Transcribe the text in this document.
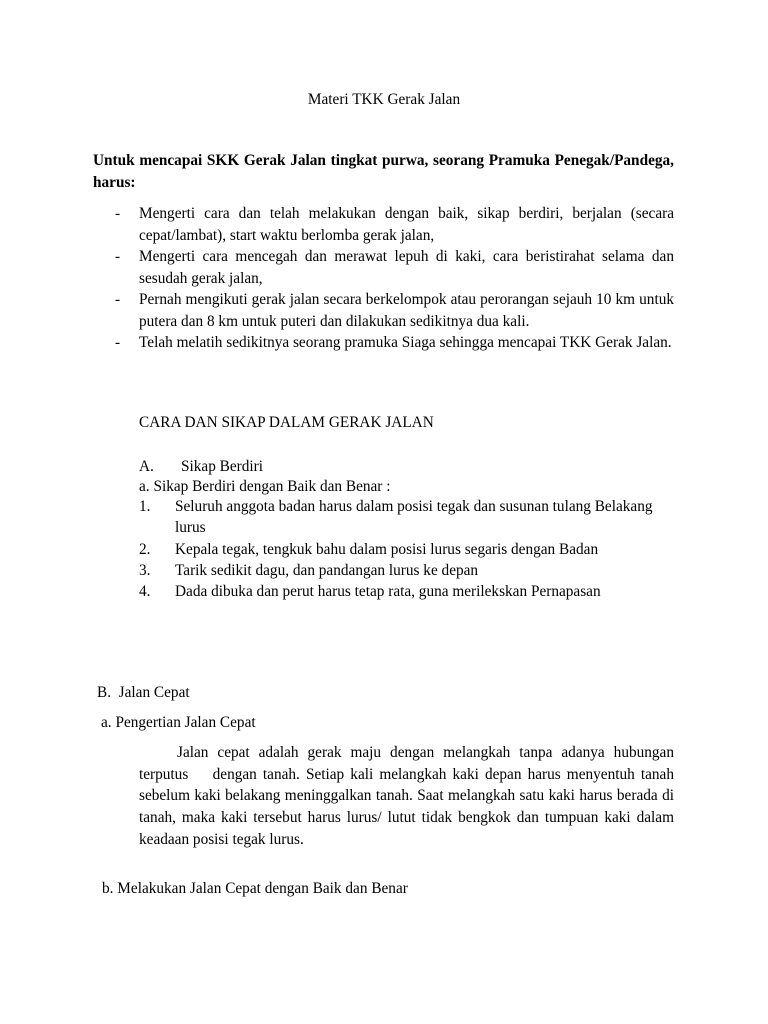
Materi TKK Gerak Jalan
Untuk mencapai SKK Gerak Jalan tingkat purwa, seorang Pramuka Penegak/Pandega, harus:
- Mengerti cara dan telah melakukan dengan baik, sikap berdiri, berjalan (secara cepat/lambat), start waktu berlomba gerak jalan,
- Mengerti cara mencegah dan merawat lepuh di kaki, cara beristirahat selama dan sesudah gerak jalan,
- Pernah mengikuti gerak jalan secara berkelompok atau perorangan sejauh 10 km untuk putera dan 8 km untuk puteri dan dilakukan sedikitnya dua kali.
- Telah melatih sedikitnya seorang pramuka Siaga sehingga mencapai TKK Gerak Jalan.
CARA DAN SIKAP DALAM GERAK JALAN
A. Sikap Berdiri
a. Sikap Berdiri dengan Baik dan Benar :
1. Seluruh anggota badan harus dalam posisi tegak dan susunan tulang Belakang lurus
2. Kepala tegak, tengkuk bahu dalam posisi lurus segaris dengan Badan
3. Tarik sedikit dagu, dan pandangan lurus ke depan
4. Dada dibuka dan perut harus tetap rata, guna merilekskan Pernapasan
B.  Jalan Cepat
a. Pengertian Jalan Cepat
Jalan cepat adalah gerak maju dengan melangkah tanpa adanya hubungan terputus    dengan tanah. Setiap kali melangkah kaki depan harus menyentuh tanah sebelum kaki belakang meninggalkan tanah. Saat melangkah satu kaki harus berada di tanah, maka kaki tersebut harus lurus/ lutut tidak bengkok dan tumpuan kaki dalam keadaan posisi tegak lurus.
b. Melakukan Jalan Cepat dengan Baik dan Benar
